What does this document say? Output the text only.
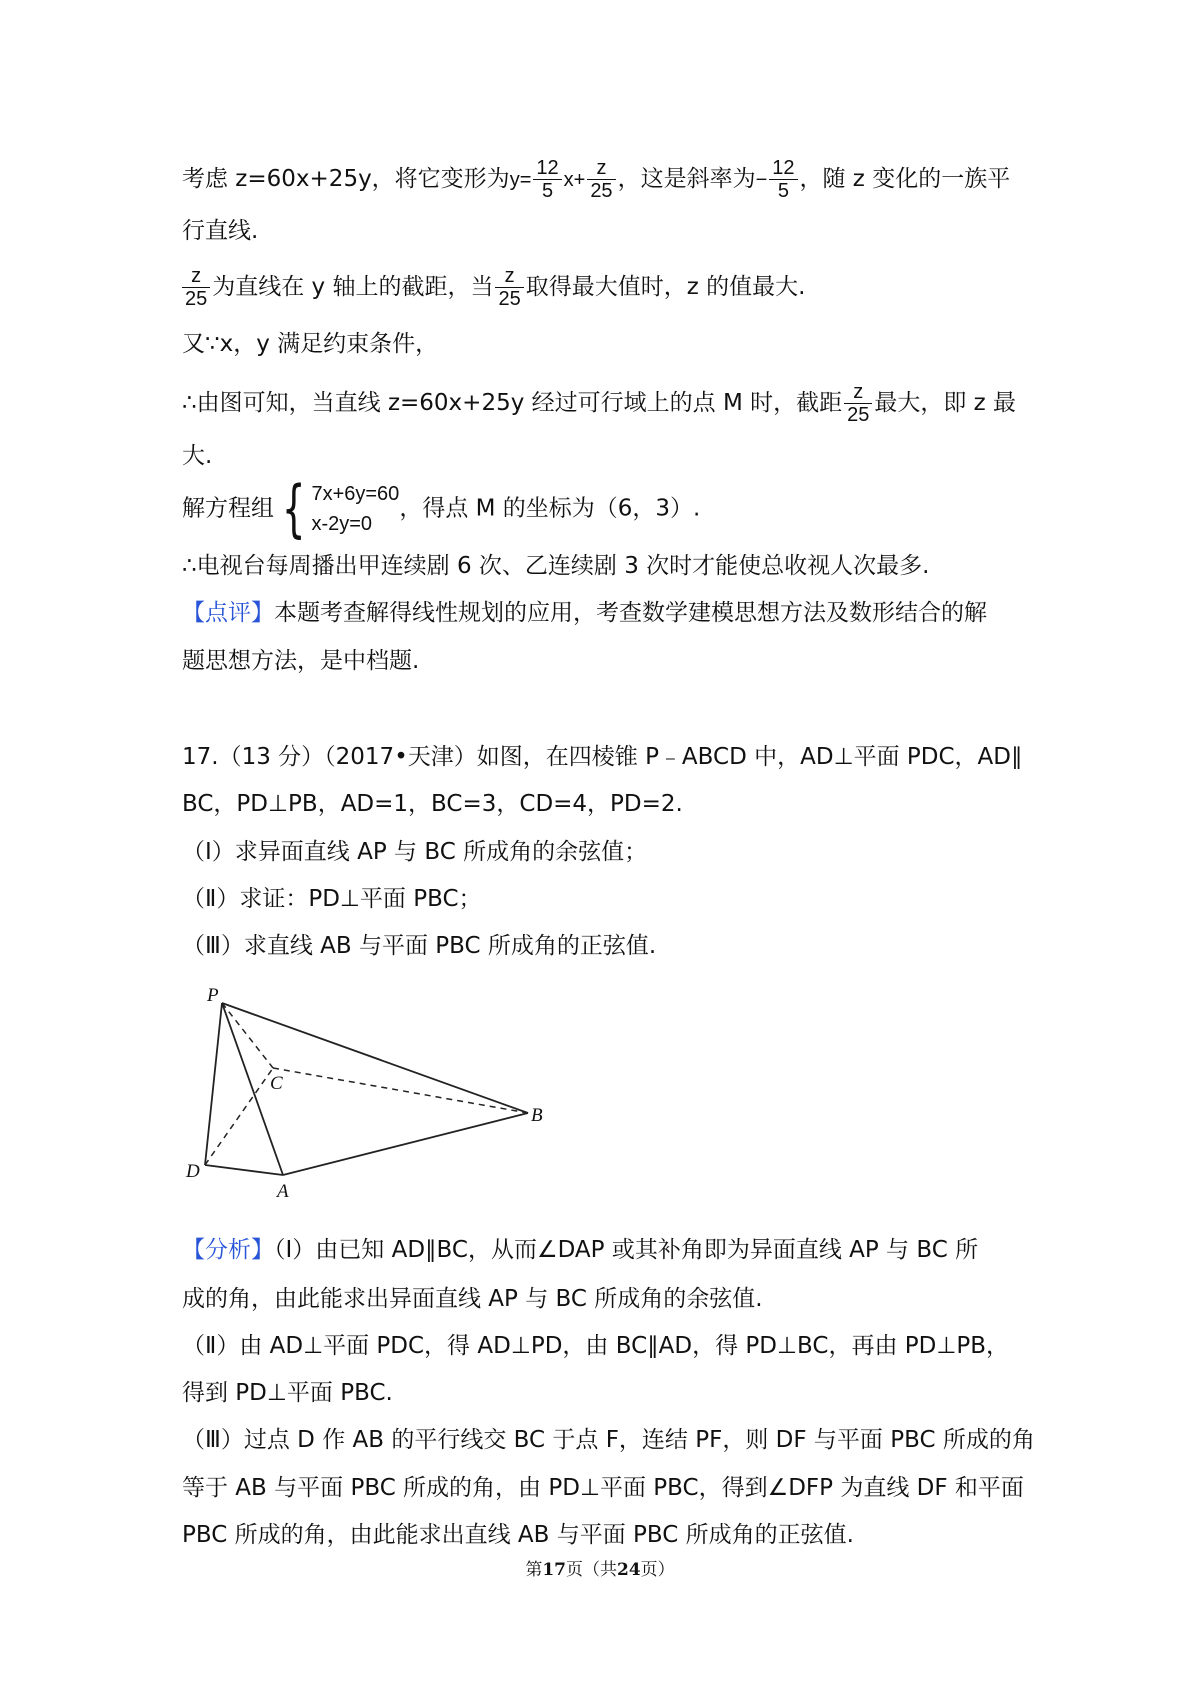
考虑 z=60x+25y，将它变形为$y= \frac{12}{5} x+ \frac{z}{25}$ ，这是斜率为− $\frac{12}{5}$ ，随 z 变化的一族平
行直线.
$\frac{z}{25}$ 为直线在 y 轴上的截距，当 $\frac{z}{25}$ 取得最大值时，z 的值最大.
又∵x，y 满足约束条件，
∴由图可知，当直线 z=60x+25y 经过可行域上的点 M 时，截距 $\frac{z}{25}$ 最大，即 z 最
大.
解方程组 { 7x+6y=60
x-2y=0
，得点 M 的坐标为（6，3）.
∴电视台每周播出甲连续剧 6 次、乙连续剧 3 次时才能使总收视人次最多.
【点评】本题考查解得线性规划的应用，考查数学建模思想方法及数形结合的解
题思想方法，是中档题.
17.（13 分）（2017•天津）如图，在四棱锥 P﹣ABCD 中，AD⊥平面 PDC，AD∥
BC，PD⊥PB，AD=1，BC=3，CD=4，PD=2.
（Ⅰ）求异面直线 AP 与 BC 所成角的余弦值；
（Ⅱ）求证：PD⊥平面 PBC；
（Ⅲ）求直线 AB 与平面 PBC 所成角的正弦值.
P
C
B
D
A
【分析】（Ⅰ）由已知 AD∥BC，从而∠DAP 或其补角即为异面直线 AP 与 BC 所
成的角，由此能求出异面直线 AP 与 BC 所成角的余弦值.
（Ⅱ）由 AD⊥平面 PDC，得 AD⊥PD，由 BC∥AD，得 PD⊥BC，再由 PD⊥PB，
得到 PD⊥平面 PBC.
（Ⅲ）过点 D 作 AB 的平行线交 BC 于点 F，连结 PF，则 DF 与平面 PBC 所成的角
等于 AB 与平面 PBC 所成的角，由 PD⊥平面 PBC，得到∠DFP 为直线 DF 和平面
PBC 所成的角，由此能求出直线 AB 与平面 PBC 所成角的正弦值.
第17页（共24页）
